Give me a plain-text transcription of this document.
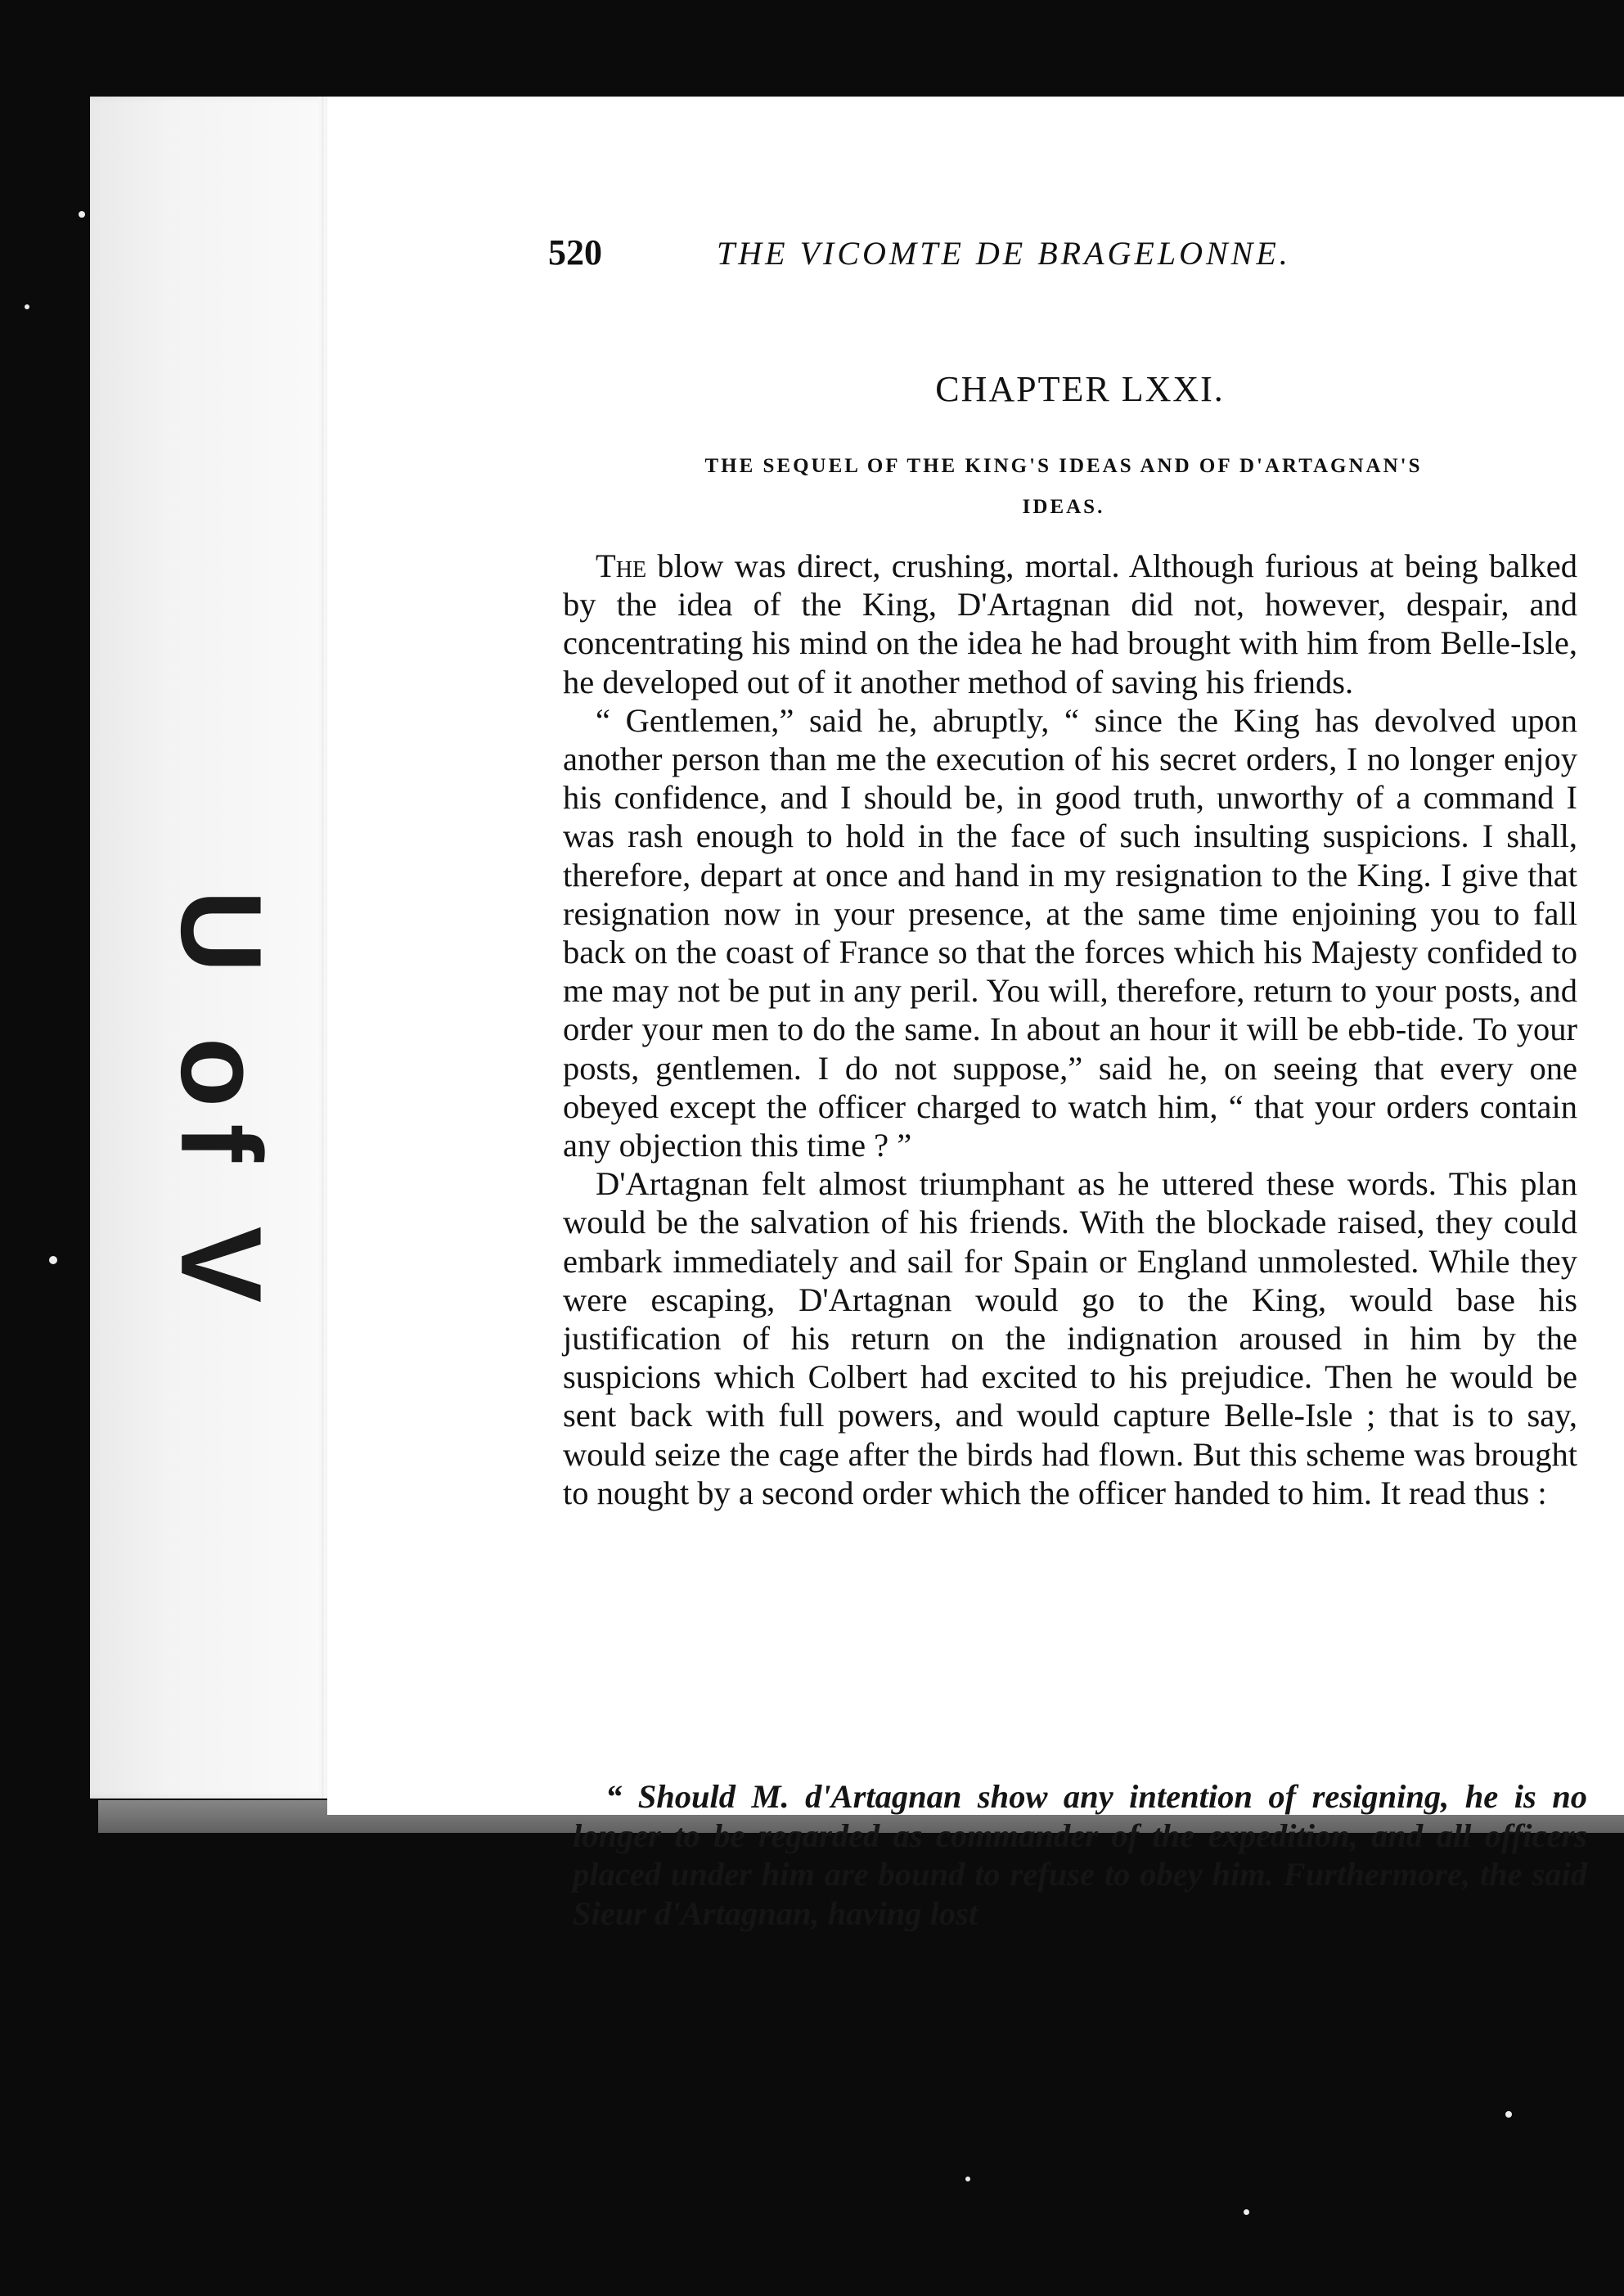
U of V
520	THE VICOMTE DE BRAGELONNE.
CHAPTER LXXI.
THE SEQUEL OF THE KING'S IDEAS AND OF D'ARTAGNAN'S
IDEAS.

The blow was direct, crushing, mortal. Although furious at being balked by the idea of the King, D'Artagnan did not, however, despair, and concentrating his mind on the idea he had brought with him from Belle-Isle, he developed out of it another method of saving his friends.

“ Gentlemen,” said he, abruptly, “ since the King has devolved upon another person than me the execution of his secret orders, I no longer enjoy his confidence, and I should be, in good truth, unworthy of a command I was rash enough to hold in the face of such insulting suspicions. I shall, therefore, depart at once and hand in my resignation to the King. I give that resignation now in your presence, at the same time enjoining you to fall back on the coast of France so that the forces which his Majesty confided to me may not be put in any peril. You will, therefore, return to your posts, and order your men to do the same. In about an hour it will be ebb-tide. To your posts, gentlemen. I do not suppose,” said he, on seeing that every one obeyed except the officer charged to watch him, “ that your orders contain any objection this time ? ”

D'Artagnan felt almost triumphant as he uttered these words. This plan would be the salvation of his friends. With the blockade raised, they could embark immediately and sail for Spain or England unmolested. While they were escaping, D'Artagnan would go to the King, would base his justification of his return on the indignation aroused in him by the suspicions which Colbert had excited to his prejudice. Then he would be sent back with full powers, and would capture Belle-Isle ; that is to say, would seize the cage after the birds had flown. But this scheme was brought to nought by a second order which the officer handed to him. It read thus :

“ Should M. d'Artagnan show any intention of resigning, he is no longer to be regarded as commander of the expedition, and all officers placed under him are bound to refuse to obey him. Furthermore, the said Sieur d'Artagnan, having lost
